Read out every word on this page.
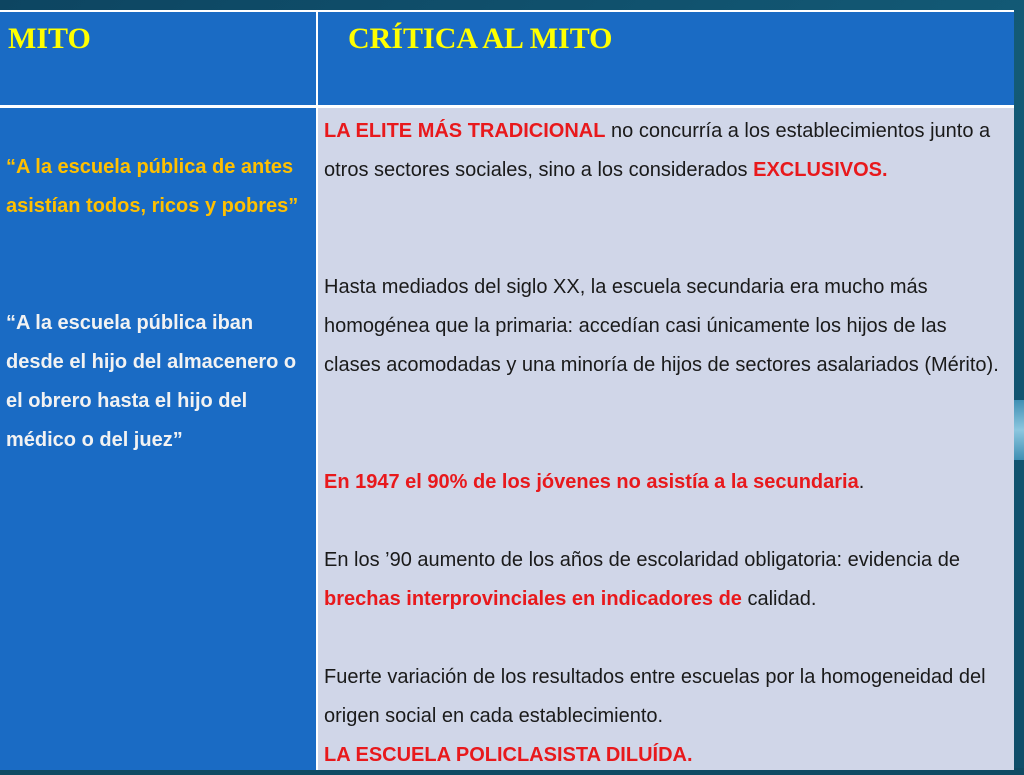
MITO	CRÍTICA AL MITO
“A la escuela pública de antes asistían todos, ricos y pobres”
“A la escuela pública iban desde el hijo del almacenero o el obrero hasta el hijo del médico o del juez”
LA ELITE MÁS TRADICIONAL no concurría a los establecimientos junto a otros sectores sociales, sino a los considerados EXCLUSIVOS.
Hasta mediados del siglo XX, la escuela secundaria era mucho más homogénea que la primaria: accedían casi únicamente los hijos de las clases acomodadas y una minoría de hijos de sectores asalariados (Mérito).
En 1947 el 90% de los jóvenes no asistía a la secundaria.
En los ’90 aumento de los años de escolaridad obligatoria: evidencia de brechas interprovinciales en indicadores de calidad.
Fuerte variación de los resultados entre escuelas por la homogeneidad del origen social en cada establecimiento.
LA ESCUELA POLICLASISTA DILUÍDA.
